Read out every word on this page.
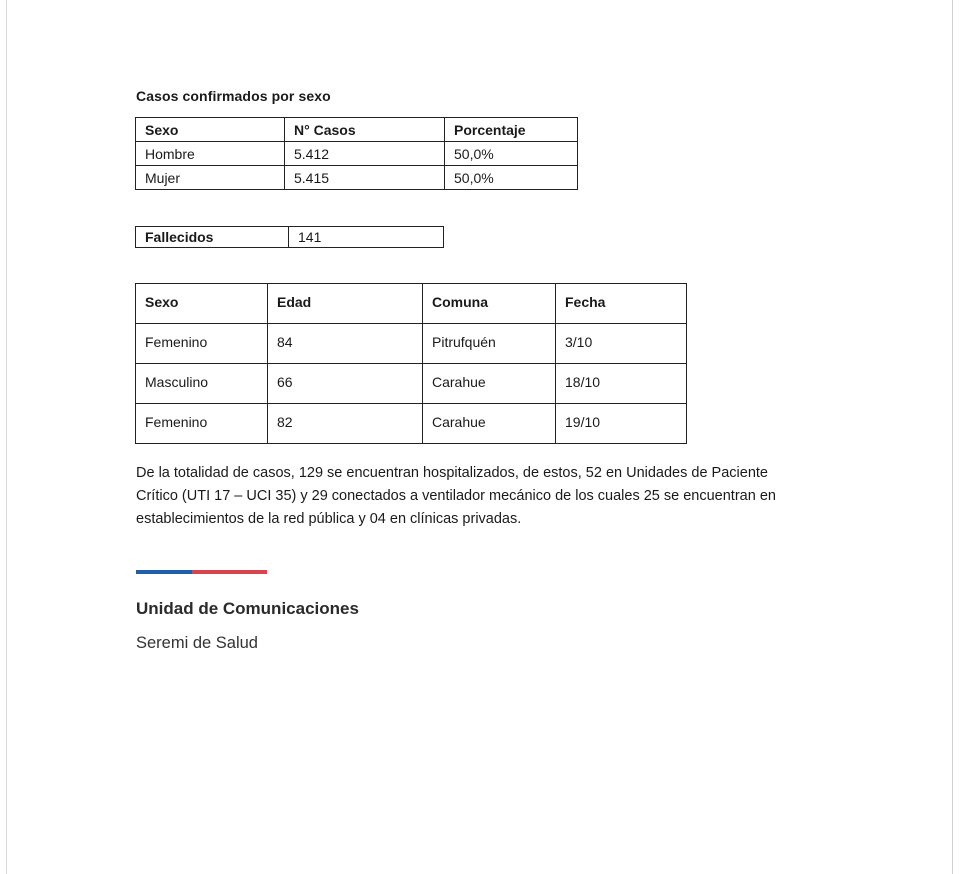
Casos confirmados por sexo
Sexo	N° Casos	Porcentaje
Hombre	5.412	50,0%
Mujer	5.415	50,0%
Fallecidos	141
Sexo	Edad	Comuna	Fecha
Femenino	84	Pitrufquén	3/10
Masculino	66	Carahue	18/10
Femenino	82	Carahue	19/10
De la totalidad de casos, 129 se encuentran hospitalizados, de estos, 52 en Unidades de Paciente
Crítico (UTI 17 – UCI 35) y 29 conectados a ventilador mecánico de los cuales 25 se encuentran en
establecimientos de la red pública y 04 en clínicas privadas.
Unidad de Comunicaciones
Seremi de Salud
